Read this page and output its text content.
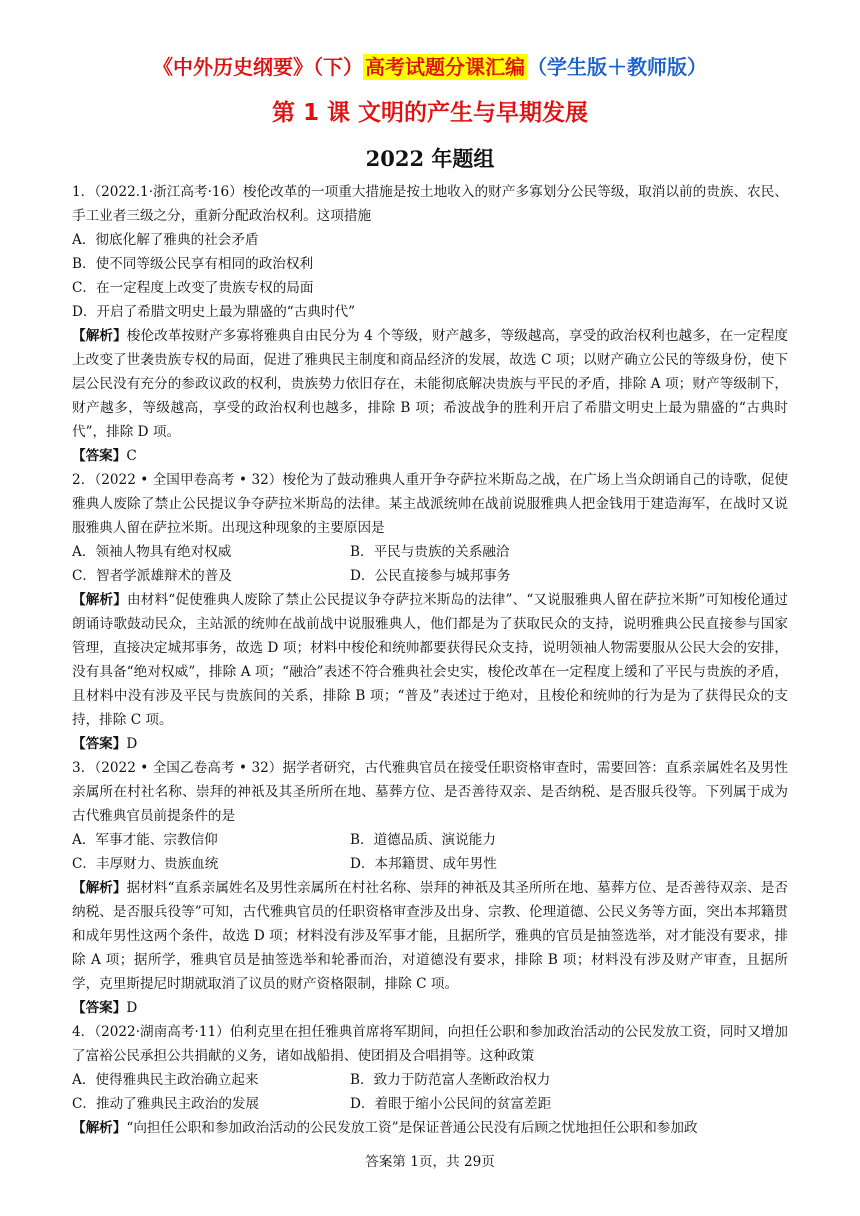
《中外历史纲要》（下） 高考试题分课汇编 （学生版＋教师版）
第 1 课 文明的产生与早期发展
2022 年题组

1．（2022.1·浙江高考·16）梭伦改革的一项重大措施是按土地收入的财产多寡划分公民等级，取消以前的贵族、农民、手工业者三级之分，重新分配政治权利。这项措施

A．彻底化解了雅典的社会矛盾

B．使不同等级公民享有相同的政治权利

C．在一定程度上改变了贵族专权的局面

D．开启了希腊文明史上最为鼎盛的“古典时代”

【解析】梭伦改革按财产多寡将雅典自由民分为 4 个等级，财产越多，等级越高，享受的政治权利也越多，在一定程度上改变了世袭贵族专权的局面，促进了雅典民主制度和商品经济的发展，故选 C 项；以财产确立公民的等级身份，使下层公民没有充分的参政议政的权利，贵族势力依旧存在，未能彻底解决贵族与平民的矛盾，排除 A 项；财产等级制下，财产越多，等级越高，享受的政治权利也越多，排除 B 项；希波战争的胜利开启了希腊文明史上最为鼎盛的“古典时代”，排除 D 项。

【答案】C

2．（2022 • 全国甲卷高考 • 32）梭伦为了鼓动雅典人重开争夺萨拉米斯岛之战，在广场上当众朗诵自己的诗歌，促使雅典人废除了禁止公民提议争夺萨拉米斯岛的法律。某主战派统帅在战前说服雅典人把金钱用于建造海军，在战时又说服雅典人留在萨拉米斯。出现这种现象的主要原因是

A．领袖人物具有绝对权威	B．平民与贵族的关系融洽
C．智者学派雄辩术的普及	D．公民直接参与城邦事务

【解析】由材料“促使雅典人废除了禁止公民提议争夺萨拉米斯岛的法律”、“又说服雅典人留在萨拉米斯”可知梭伦通过朗诵诗歌鼓动民众，主站派的统帅在战前战中说服雅典人，他们都是为了获取民众的支持，说明雅典公民直接参与国家管理，直接决定城邦事务，故选 D 项；材料中梭伦和统帅都要获得民众支持，说明领袖人物需要服从公民大会的安排，没有具备“绝对权威”，排除 A 项；“融洽”表述不符合雅典社会史实，梭伦改革在一定程度上缓和了平民与贵族的矛盾，且材料中没有涉及平民与贵族间的关系，排除 B 项；“普及”表述过于绝对，且梭伦和统帅的行为是为了获得民众的支持，排除 C 项。

【答案】D

3．（2022 • 全国乙卷高考 • 32）据学者研究，古代雅典官员在接受任职资格审查时，需要回答：直系亲属姓名及男性亲属所在村社名称、崇拜的神祇及其圣所所在地、墓葬方位、是否善待双亲、是否纳税、是否服兵役等。下列属于成为古代雅典官员前提条件的是

A．军事才能、宗教信仰	B．道德品质、演说能力
C．丰厚财力、贵族血统	D．本邦籍贯、成年男性

【解析】据材料“直系亲属姓名及男性亲属所在村社名称、崇拜的神祇及其圣所所在地、墓葬方位、是否善待双亲、是否纳税、是否服兵役等”可知，古代雅典官员的任职资格审查涉及出身、宗教、伦理道德、公民义务等方面，突出本邦籍贯和成年男性这两个条件，故选 D 项；材料没有涉及军事才能，且据所学，雅典的官员是抽签选举，对才能没有要求，排除 A 项；据所学，雅典官员是抽签选举和轮番而治，对道德没有要求，排除 B 项；材料没有涉及财产审查，且据所学，克里斯提尼时期就取消了议员的财产资格限制，排除 C 项。

【答案】D

4．（2022·湖南高考·11）伯利克里在担任雅典首席将军期间，向担任公职和参加政治活动的公民发放工资，同时又增加了富裕公民承担公共捐献的义务，诸如战船捐、使团捐及合唱捐等。这种政策

A．使得雅典民主政治确立起来	B．致力于防范富人垄断政治权力
C．推动了雅典民主政治的发展	D．着眼于缩小公民间的贫富差距

【解析】“向担任公职和参加政治活动的公民发放工资”是保证普通公民没有后顾之忧地担任公职和参加政

答案第 1页，共 29页
